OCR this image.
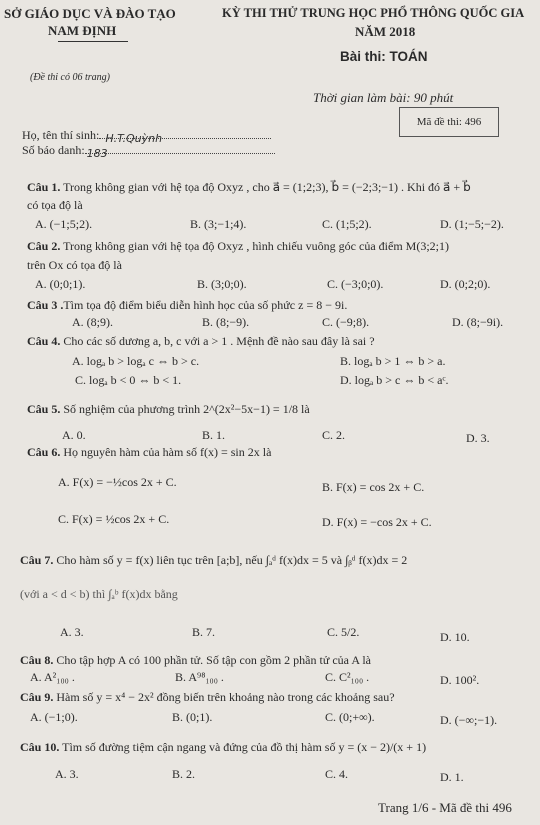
SỞ GIÁO DỤC VÀ ĐÀO TẠO
NAM ĐỊNH
KỲ THI THỬ TRUNG HỌC PHỔ THÔNG QUỐC GIA
NĂM 2018
Bài thi: TOÁN
(Đề thi có 06 trang)
Thời gian làm bài: 90 phút
Mã đề thi: 496
Họ, tên thí sinh: H.T.Quỳnh
Số báo danh: 183
Câu 1. Trong không gian với hệ tọa độ Oxyz , cho a⃗ = (1;2;3), b⃗ = (−2;3;−1) . Khi đó a⃗ + b⃗
có tọa độ là
A. (−1;5;2).	B. (3;−1;4).	C. (1;5;2).	D. (1;−5;−2).
Câu 2. Trong không gian với hệ tọa độ Oxyz , hình chiếu vuông góc của điểm M(3;2;1)
trên Ox có tọa độ là
A. (0;0;1).	B. (3;0;0).	C. (−3;0;0).	D. (0;2;0).
Câu 3 .Tìm tọa độ điểm biểu diễn hình học của số phức z = 8 − 9i.
A. (8;9).	B. (8;−9).	C. (−9;8).	D. (8;−9i).
Câu 4. Cho các số dương a, b, c với a > 1 . Mệnh đề nào sau đây là sai ?
A. logₐ b > logₐ c ⇔ b > c.	B. logₐ b > 1 ⇔ b > a.
C. logₐ b < 0 ⇔ b < 1.	D. logₐ b > c ⇔ b < aᶜ.
Câu 5. Số nghiệm của phương trình 2^(2x²−5x−1) = 1/8 là
A. 0.	B. 1.	C. 2.	D. 3.
Câu 6. Họ nguyên hàm của hàm số f(x) = sin 2x là
A. F(x) = −½cos 2x + C.	B. F(x) = cos 2x + C.
C. F(x) = ½cos 2x + C.	D. F(x) = −cos 2x + C.
Câu 7. Cho hàm số y = f(x) liên tục trên [a;b], nếu ∫ₐᵈ f(x)dx = 5 và ∫ᵦᵈ f(x)dx = 2
(với a < d < b) thì ∫ₐᵇ f(x)dx bằng
A. 3.	B. 7.	C. 5/2.	D. 10.
Câu 8. Cho tập hợp A có 100 phần tử. Số tập con gồm 2 phần tử của A là
A. A²₁₀₀ .	B. A⁹⁸₁₀₀ .	C. C²₁₀₀ .	D. 100².
Câu 9. Hàm số y = x⁴ − 2x² đồng biến trên khoảng nào trong các khoảng sau?
A. (−1;0).	B. (0;1).	C. (0;+∞).	D. (−∞;−1).
Câu 10. Tìm số đường tiệm cận ngang và đứng của đồ thị hàm số y = (x − 2)/(x + 1)
A. 3.	B. 2.	C. 4.	D. 1.
Trang 1/6 - Mã đề thi 496
